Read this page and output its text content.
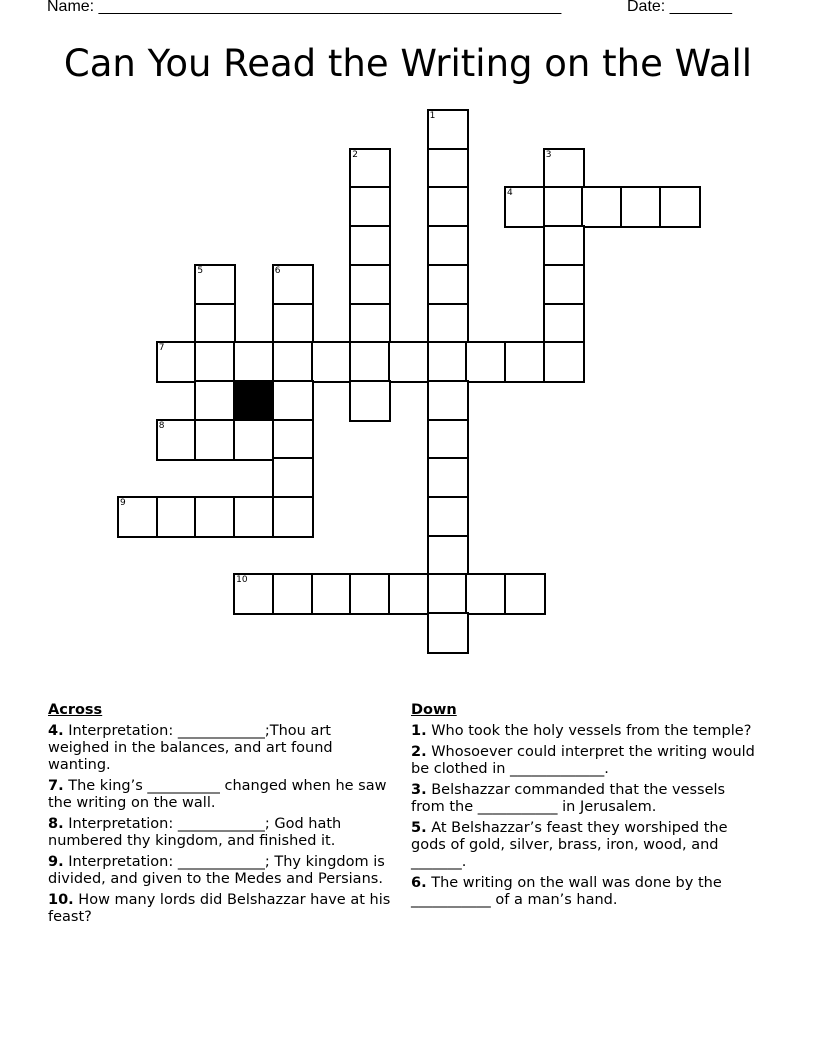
Name: ____________________________________________________	Date: _______
Can You Read the Writing on the Wall
1
2	3
4
5	6
7
8
9
10
Across
4. Interpretation: ____________;Thou art weighed in the balances, and art found wanting.
7. The king’s __________ changed when he saw the writing on the wall.
8. Interpretation: ____________; God hath numbered thy kingdom, and finished it.
9. Interpretation: ____________; Thy kingdom is divided, and given to the Medes and Persians.
10. How many lords did Belshazzar have at his feast?
Down
1. Who took the holy vessels from the temple?
2. Whosoever could interpret the writing would be clothed in _____________.
3. Belshazzar commanded that the vessels from the ___________ in Jerusalem.
5. At Belshazzar’s feast they worshiped the gods of gold, silver, brass, iron, wood, and _______.
6. The writing on the wall was done by the ___________ of a man’s hand.
